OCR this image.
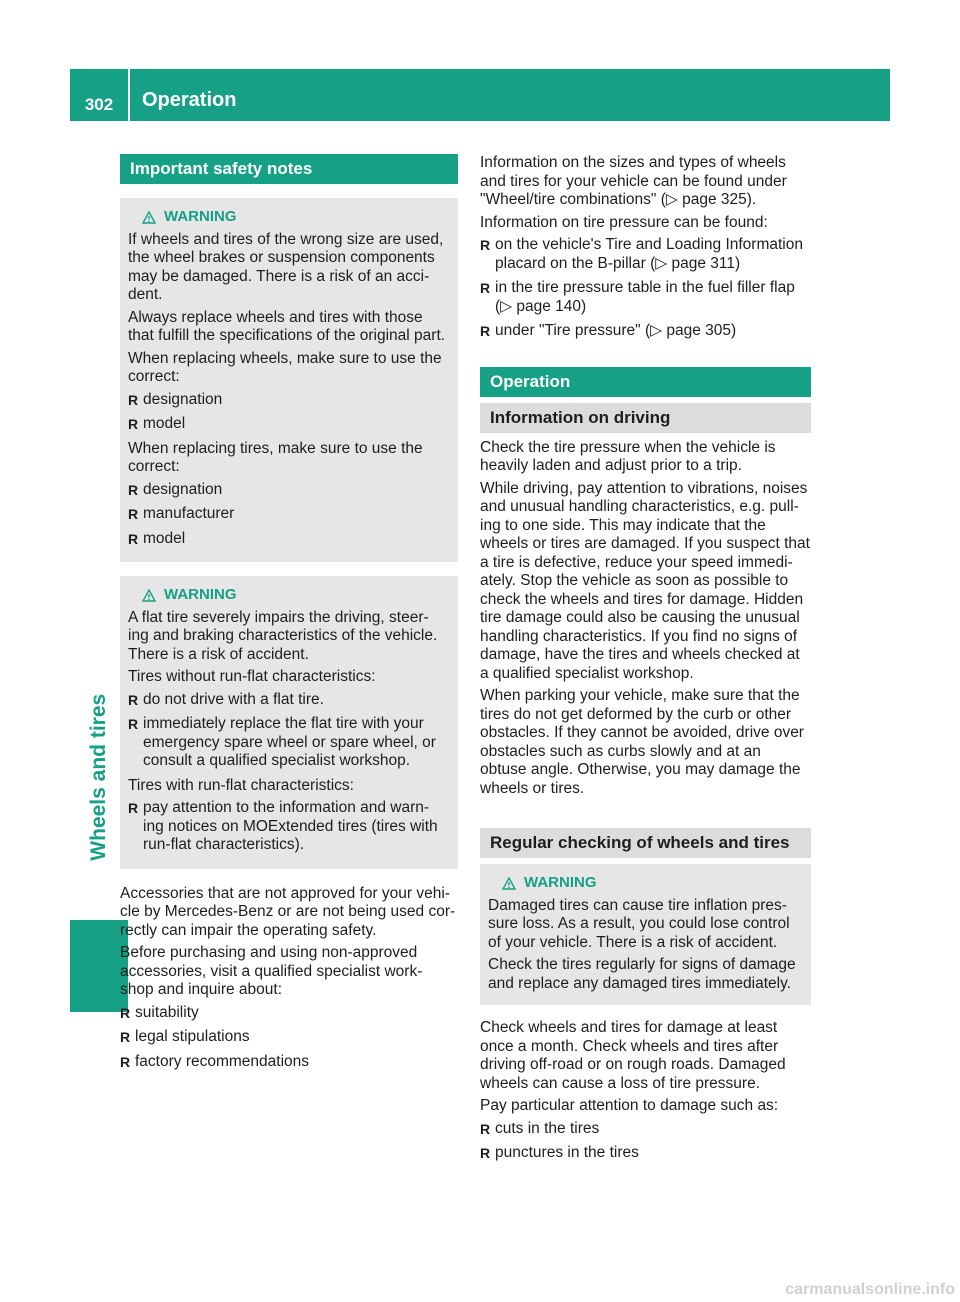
302	Operation
Wheels and tires
Important safety notes
WARNING

If wheels and tires of the wrong size are used, the wheel brakes or suspension components may be damaged. There is a risk of an acci- dent.

Always replace wheels and tires with those that fulfill the specifications of the original part.

When replacing wheels, make sure to use the correct:

R designation
R model

When replacing tires, make sure to use the correct:

R designation
R manufacturer
R model
WARNING

A flat tire severely impairs the driving, steer- ing and braking characteristics of the vehicle. There is a risk of accident.

Tires without run-flat characteristics:

R do not drive with a flat tire.
R immediately replace the flat tire with your emergency spare wheel or spare wheel, or consult a qualified specialist workshop.

Tires with run-flat characteristics:

R pay attention to the information and warn- ing notices on MOExtended tires (tires with run-flat characteristics).

Accessories that are not approved for your vehi- cle by Mercedes-Benz or are not being used cor- rectly can impair the operating safety.

Before purchasing and using non-approved accessories, visit a qualified specialist work- shop and inquire about:

R suitability
R legal stipulations
R factory recommendations

Information on the sizes and types of wheels and tires for your vehicle can be found under "Wheel/tire combinations" (▷ page 325).

Information on tire pressure can be found:

R on the vehicle's Tire and Loading Information placard on the B-pillar (▷ page 311)
R in the tire pressure table in the fuel filler flap (▷ page 140)
R under "Tire pressure" (▷ page 305)
Operation
Information on driving

Check the tire pressure when the vehicle is heavily laden and adjust prior to a trip.

While driving, pay attention to vibrations, noises and unusual handling characteristics, e.g. pull- ing to one side. This may indicate that the wheels or tires are damaged. If you suspect that a tire is defective, reduce your speed immedi- ately. Stop the vehicle as soon as possible to check the wheels and tires for damage. Hidden tire damage could also be causing the unusual handling characteristics. If you find no signs of damage, have the tires and wheels checked at a qualified specialist workshop.

When parking your vehicle, make sure that the tires do not get deformed by the curb or other obstacles. If they cannot be avoided, drive over obstacles such as curbs slowly and at an obtuse angle. Otherwise, you may damage the wheels or tires.

Regular checking of wheels and tires
WARNING

Damaged tires can cause tire inflation pres- sure loss. As a result, you could lose control of your vehicle. There is a risk of accident.

Check the tires regularly for signs of damage and replace any damaged tires immediately.

Check wheels and tires for damage at least once a month. Check wheels and tires after driving off-road or on rough roads. Damaged wheels can cause a loss of tire pressure.

Pay particular attention to damage such as:

R cuts in the tires
R punctures in the tires
carmanualsonline.info
